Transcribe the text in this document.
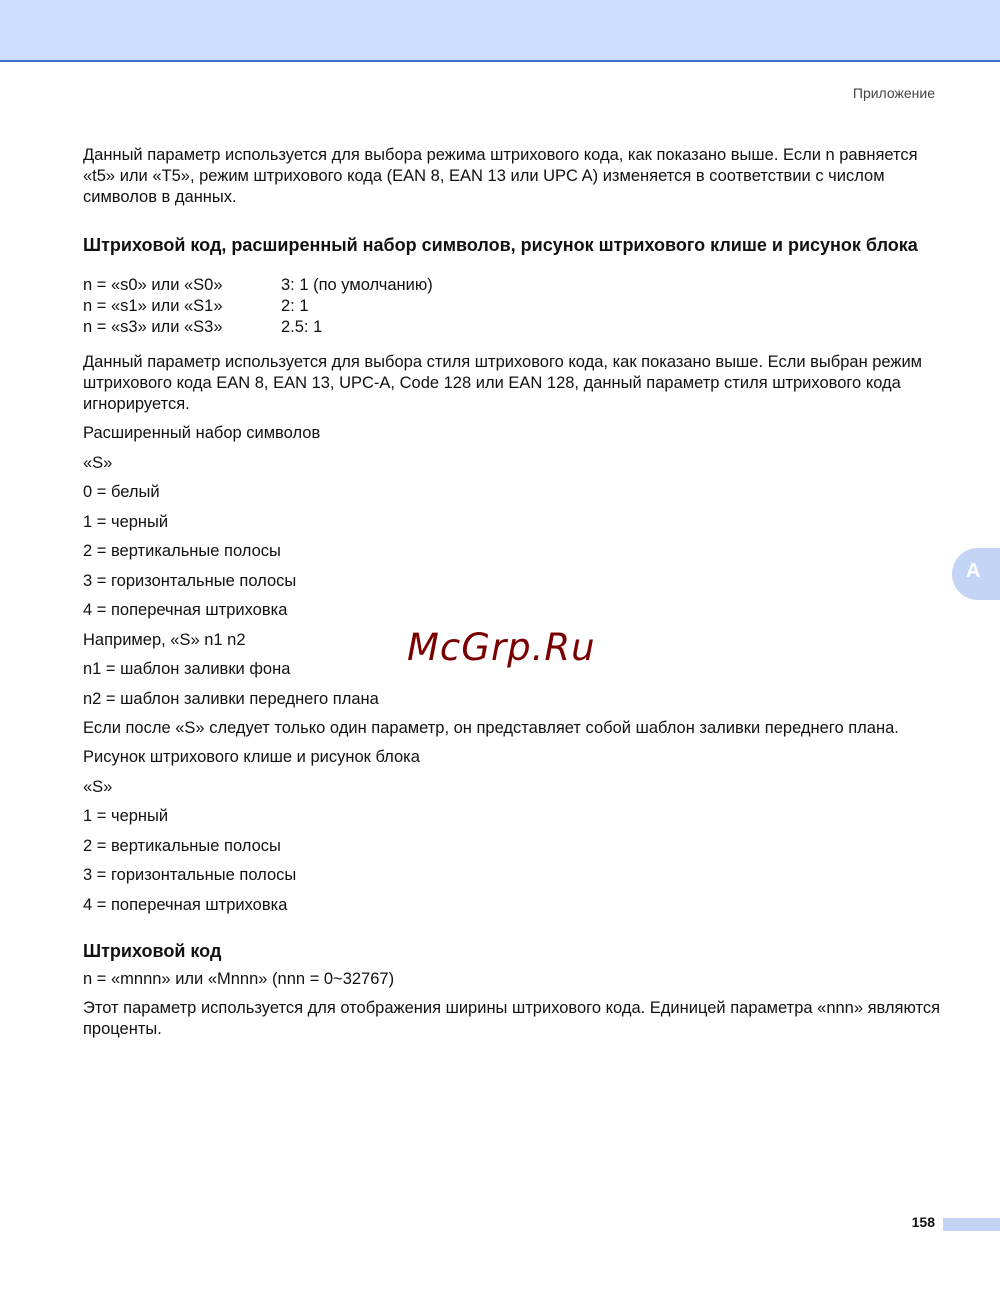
Приложение
A

Данный параметр используется для выбора режима штрихового кода, как показано выше. Если n равняется «t5» или «T5», режим штрихового кода (EAN 8, EAN 13 или UPC A) изменяется в соответствии с числом символов в данных.

Штриховой код, расширенный набор символов, рисунок штрихового клише и рисунок блока
n = «s0» или «S0»	3: 1 (по умолчанию)
n = «s1» или «S1»	2: 1
n = «s3» или «S3»	2.5: 1

Данный параметр используется для выбора стиля штрихового кода, как показано выше. Если выбран режим штрихового кода EAN 8, EAN 13, UPC-A, Code 128 или EAN 128, данный параметр стиля штрихового кода игнорируется.

Расширенный набор символов
«S»
0 = белый
1 = черный
2 = вертикальные полосы
3 = горизонтальные полосы
4 = поперечная штриховка
Например, «S» n1 n2
n1 = шаблон заливки фона
n2 = шаблон заливки переднего плана

Если после «S» следует только один параметр, он представляет собой шаблон заливки переднего плана.

Рисунок штрихового клише и рисунок блока
«S»
1 = черный
2 = вертикальные полосы
3 = горизонтальные полосы
4 = поперечная штриховка
Штриховой код

n = «mnnn» или «Mnnn» (nnn = 0~32767)

Этот параметр используется для отображения ширины штрихового кода. Единицей параметра «nnn» являются проценты.

McGrp.Ru
158
